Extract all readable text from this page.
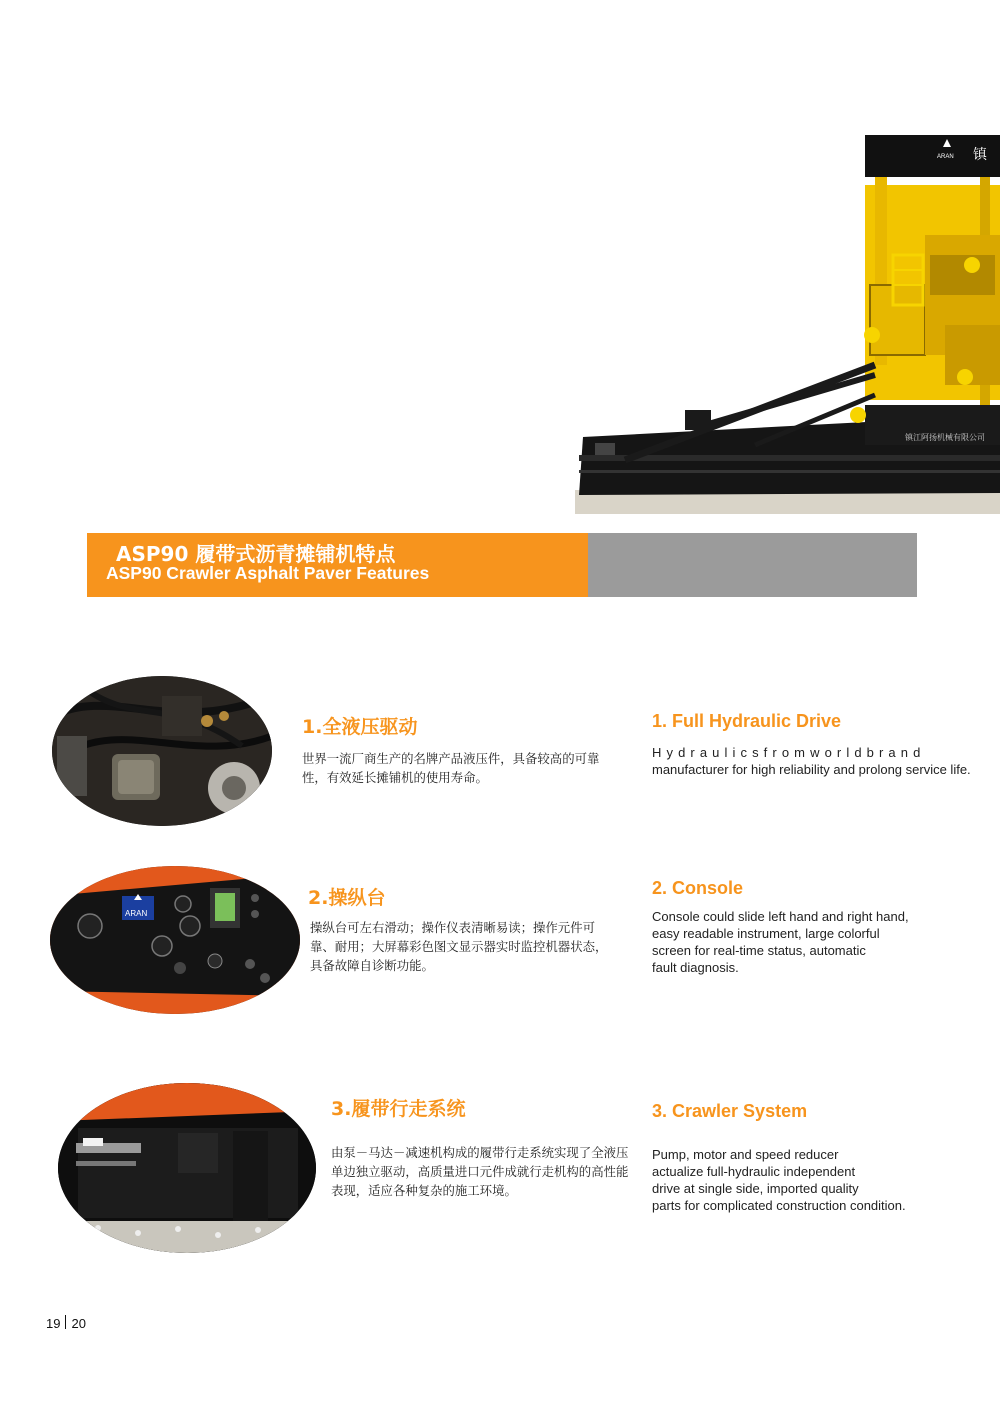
ARAN 镇
镇江阿扬机械有限公司
ASP90 履带式沥青摊铺机特点
ASP90 Crawler Asphalt Paver Features
1.全液压驱动
世界一流厂商生产的名牌产品液压件，具备较高的可靠性，有效延长摊铺机的使用寿命。
1. Full Hydraulic Drive
Hydraulicsfromworldbrand
manufacturer for high reliability and prolong service life.
ARAN
2.操纵台
操纵台可左右滑动；操作仪表清晰易读；操作元件可靠、耐用；大屏幕彩色图文显示器实时监控机器状态，具备故障自诊断功能。
2. Console
Console could slide left hand and right hand,
easy readable instrument, large colorful
screen for real-time status, automatic
fault diagnosis.
3.履带行走系统
由泵－马达－减速机构成的履带行走系统实现了全液压单边独立驱动，高质量进口元件成就行走机构的高性能表现，适应各种复杂的施工环境。
3. Crawler System
Pump, motor and speed reducer
actualize full-hydraulic independent
drive at single side, imported quality
parts for complicated construction condition.
19 20
